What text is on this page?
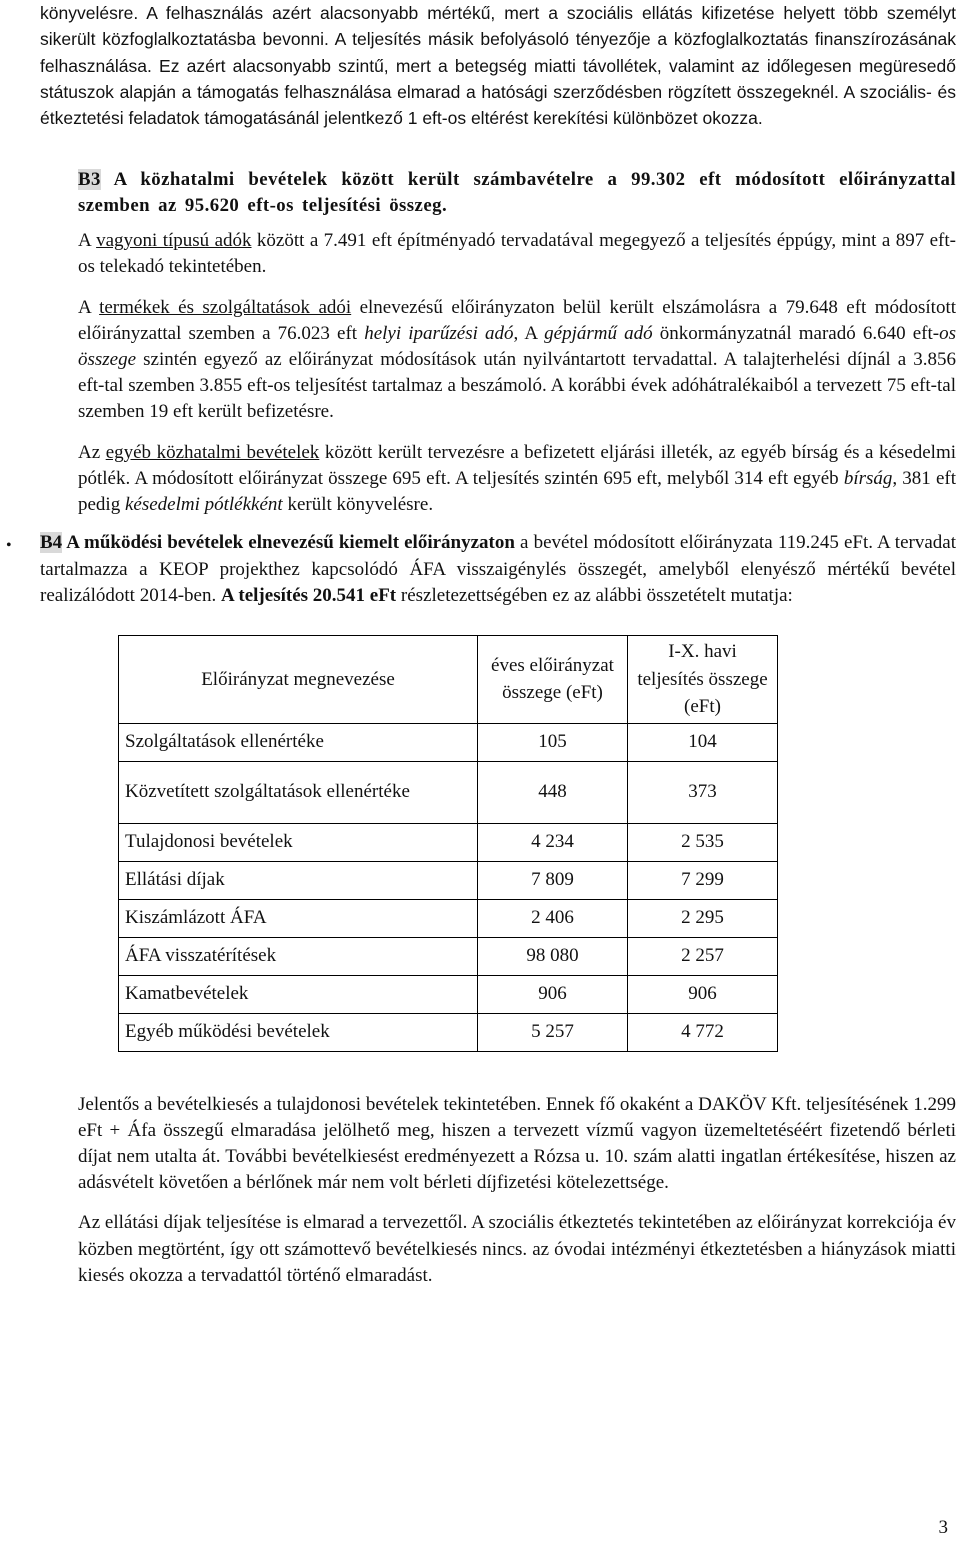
könyvelésre. A felhasználás azért alacsonyabb mértékű, mert a szociális ellátás kifizetése helyett több személyt sikerült közfoglalkoztatásba bevonni. A teljesítés másik befolyásoló tényezője a közfoglalkoztatás finanszírozásának felhasználása. Ez azért alacsonyabb szintű, mert a betegség miatti távollétek, valamint az időlegesen megüresedő státuszok alapján a támogatás felhasználása elmarad a hatósági szerződésben rögzített összegeknél. A szociális- és étkeztetési feladatok támogatásánál jelentkező 1 eft-os eltérést kerekítési különbözet okozza.

B3 A közhatalmi bevételek között került számbavételre a 99.302 eft módosított előirányzattal szemben az 95.620 eft-os teljesítési összeg.

A vagyoni típusú adók között a 7.491 eft építményadó tervadatával megegyező a teljesítés éppúgy, mint a 897 eft-os telekadó tekintetében.

A termékek és szolgáltatások adói elnevezésű előirányzaton belül került elszámolásra a 79.648 eft módosított előirányzattal szemben a 76.023 eft helyi iparűzési adó, A gépjármű adó önkormányzatnál maradó 6.640 eft-os összege szintén egyező az előirányzat módosítások után nyilvántartott tervadattal. A talajterhelési díjnál a 3.856 eft-tal szemben 3.855 eft-os teljesítést tartalmaz a beszámoló. A korábbi évek adóhátralékaiból a tervezett 75 eft-tal szemben 19 eft került befizetésre.

Az egyéb közhatalmi bevételek között került tervezésre a befizetett eljárási illeték, az egyéb bírság és a késedelmi pótlék. A módosított előirányzat összege 695 eft. A teljesítés szintén 695 eft, melyből 314 eft egyéb bírság, 381 eft pedig késedelmi pótlékként került könyvelésre.

• B4 A működési bevételek elnevezésű kiemelt előirányzaton a bevétel módosított előirányzata 119.245 eFt. A tervadat tartalmazza a KEOP projekthez kapcsolódó ÁFA visszaigénylés összegét, amelyből elenyésző mértékű bevétel realizálódott 2014-ben. A teljesítés 20.541 eFt részletezettségében ez az alábbi összetételt mutatja:

Előirányzat megnevezése	éves előirányzat összege (eFt)	I-X. havi teljesítés összege (eFt)
Szolgáltatások ellenértéke	105	104
Közvetített szolgáltatások ellenértéke	448	373
Tulajdonosi bevételek	4 234	2 535
Ellátási díjak	7 809	7 299
Kiszámlázott ÁFA	2 406	2 295
ÁFA visszatérítések	98 080	2 257
Kamatbevételek	906	906
Egyéb működési bevételek	5 257	4 772

Jelentős a bevételkiesés a tulajdonosi bevételek tekintetében. Ennek fő okaként a DAKÖV Kft. teljesítésének 1.299 eFt + Áfa összegű elmaradása jelölhető meg, hiszen a tervezett vízmű vagyon üzemeltetéséért fizetendő bérleti díjat nem utalta át. További bevételkiesést eredményezett a Rózsa u. 10. szám alatti ingatlan értékesítése, hiszen az adásvételt követően a bérlőnek már nem volt bérleti díjfizetési kötelezettsége.

Az ellátási díjak teljesítése is elmarad a tervezettől. A szociális étkeztetés tekintetében az előirányzat korrekciója év közben megtörtént, így ott számottevő bevételkiesés nincs. az óvodai intézményi étkeztetésben a hiányzások miatti kiesés okozza a tervadattól történő elmaradást.

3
